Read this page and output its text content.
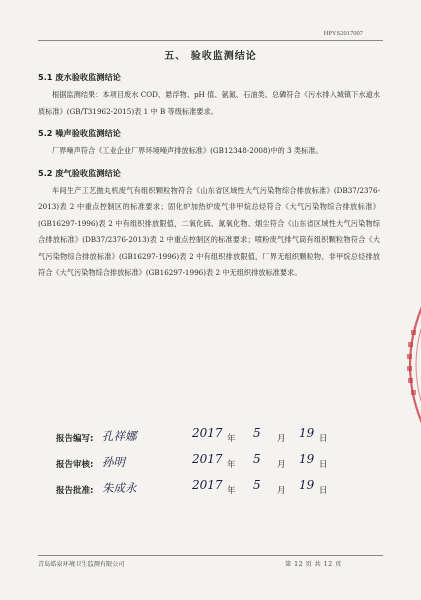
HPYS2017007
五、 验收监测结论
5.1 废水验收监测结论

根据监测结果：本项目废水 COD、悬浮物、pH 值、氨氮、石油类、总磷符合《污水排入城镇下水道水质标准》(GB/T31962-2015)表 1 中 B 等级标准要求。

5.2 噪声验收监测结论

厂界噪声符合《工业企业厂界环境噪声排放标准》(GB12348-2008)中的 3 类标准。

5.2 废气验收监测结论

车间生产工艺抛丸机废气有组织颗粒物符合《山东省区域性大气污染物综合排放标准》(DB37/2376-2013)表 2 中重点控制区的标准要求；固化炉加热炉废气非甲烷总烃符合《大气污染物综合排放标准》(GB16297-1996)表 2 中有组织排放限值，二氧化硫、氮氧化物、烟尘符合《山东省区域性大气污染物综合排放标准》(DB37/2376-2013)表 2 中重点控制区的标准要求；喷粉废气排气筒有组织颗粒物符合《大气污染物综合排放标准》(GB16297-1996)表 2 中有组织排放限值，厂界无组织颗粒物、非甲烷总烃排放符合《大气污染物综合排放标准》(GB16297-1996)表 2 中无组织排放标准要求。

报告编写: 孔祥娜	2017 年 5 月 19 日
报告审核: 孙明	2017 年 5 月 19 日
报告批准: 朱成永	2017 年 5 月 19 日
青岛皓泉环境卫生监测有限公司	第 12 页 共 12 页
